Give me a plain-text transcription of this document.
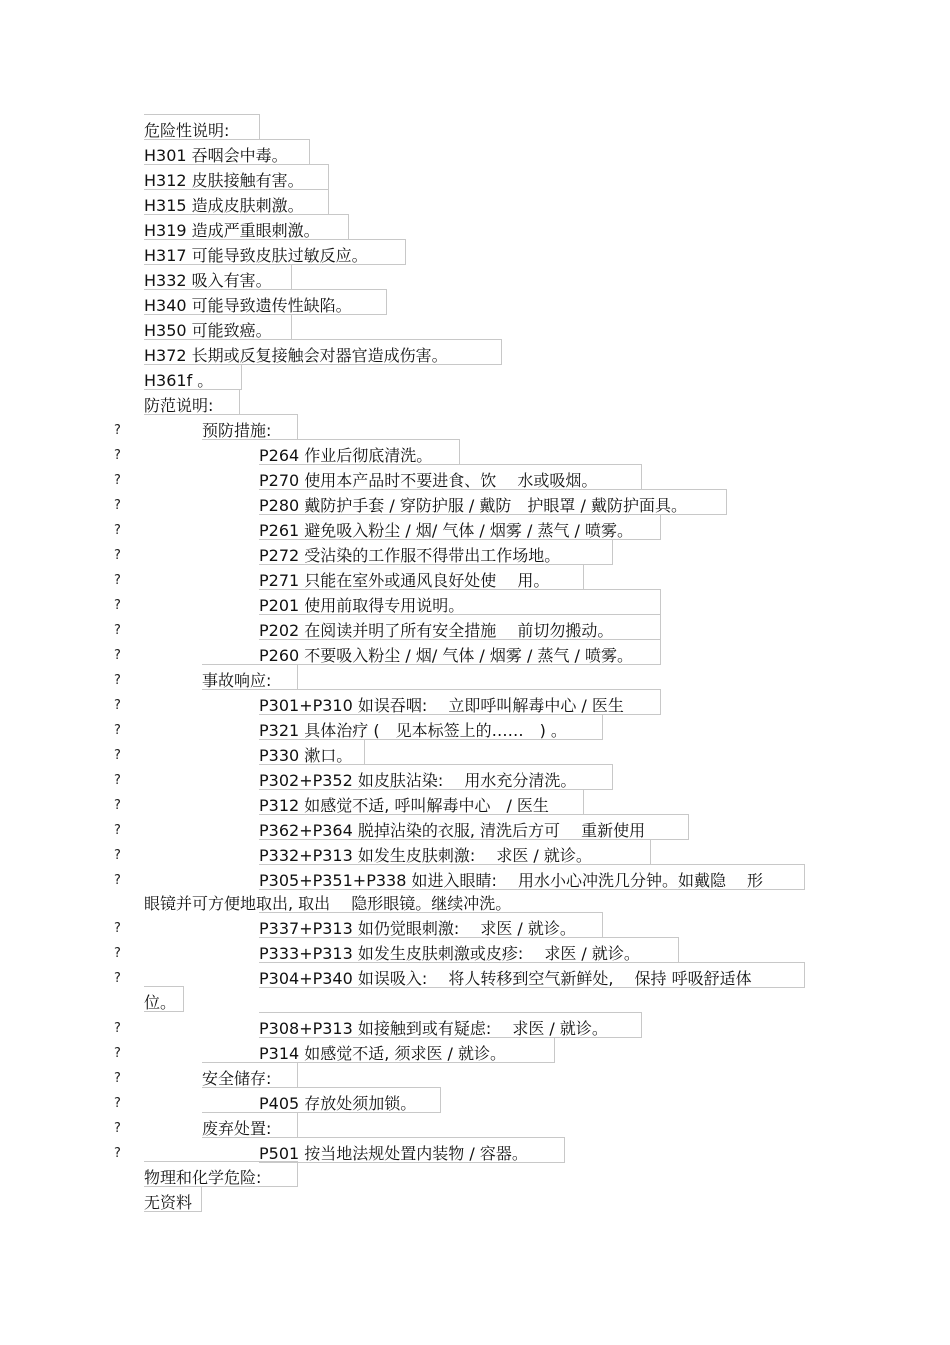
危险性说明:
H301 吞咽会中毒。
H312 皮肤接触有害。
H315 造成皮肤刺激。
H319 造成严重眼刺激。
H317 可能导致皮肤过敏反应。
H332 吸入有害。
H340 可能导致遗传性缺陷。
H350 可能致癌。
H372 长期或反复接触会对器官造成伤害。
H361f 。
防范说明:
?	预防措施:
?	P264 作业后彻底清洗。
?	P270 使用本产品时不要进食、饮　 水或吸烟。
?	P280 戴防护手套 / 穿防护服 / 戴防　护眼罩 / 戴防护面具。
?	P261 避免吸入粉尘 / 烟/ 气体 / 烟雾 / 蒸气 / 喷雾。
?	P272 受沾染的工作服不得带出工作场地。
?	P271 只能在室外或通风良好处使　 用。
?	P201 使用前取得专用说明。
?	P202 在阅读并明了所有安全措施　 前切勿搬动。
?	P260 不要吸入粉尘 / 烟/ 气体 / 烟雾 / 蒸气 / 喷雾。
?	事故响应:
?	P301+P310 如误吞咽:　 立即呼叫解毒中心 / 医生
?	P321 具体治疗 (　见本标签上的……　) 。
?	P330 漱口。
?	P302+P352 如皮肤沾染:　 用水充分清洗。
?	P312 如感觉不适, 呼叫解毒中心　/ 医生
?	P362+P364 脱掉沾染的衣服, 清洗后方可　 重新使用
?	P332+P313 如发生皮肤刺激:　 求医 / 就诊。
?	P305+P351+P338 如进入眼睛:　 用水小心冲洗几分钟。如戴隐　 形
眼镜并可方便地取出, 取出　 隐形眼镜。继续冲洗。
?	P337+P313 如仍觉眼刺激:　 求医 / 就诊。
?	P333+P313 如发生皮肤刺激或皮疹:　 求医 / 就诊。
?	P304+P340 如误吸入:　 将人转移到空气新鲜处,　 保持 呼吸舒适体
位。
?	P308+P313 如接触到或有疑虑:　 求医 / 就诊。
?	P314 如感觉不适, 须求医 / 就诊。
?	安全储存:
?	P405 存放处须加锁。
?	废弃处置:
?	P501 按当地法规处置内装物 / 容器。
物理和化学危险:
无资料
